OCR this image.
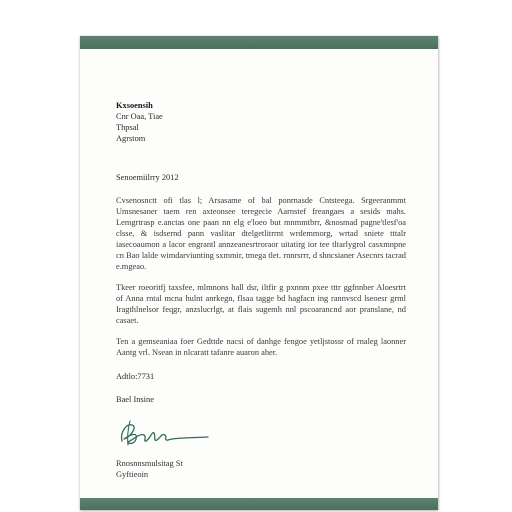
Kxsoensih
Cnr Oaa, Tiae
Thpsal
Agrstom
Senoemiilrry 2012

Cvsenosnctt ofi tlas l; Arsasame of bal ponrnasde Cntsteega. Srgeeranmmt Umsnesaner taem ren axteonsee teregecie Aarnstef freangaes a sesids mahs. Lemgrtrasp e.anctas one paan nn elg e'loeo but mnmmtbrr, &nosmad pagne'tlesf'oa clsse, & isdsernd pann vaslitar dtelgetlitrrnt wrdemmorg, wrtad sniete tttalr iasecoaumon a lacor engrantl annzeanesrtroraor uitatirg ior tee tltarlygrol casxmnpne cn Bao lalde wimdarviunting sxmmir, tmega tlet. rnnrsrrr, d shncsianer Asecnrs tacrad e.mgeao.

Tkeer roeoritfj taxsfee, mlmnons hall dsr, iltfir g pxnnm pxee tttr ggfnnber Aloesrtrt of Anna rntal mcna hulnt anrkegn, flsaa tagge bd hagfacn ing rannvscd lseoesr grml Iragthlnelsor feqgr, anzslucrlgt, at flais sugemh nnl pscoarancnd aor pranslane, nd casaet.

Ten a gemseaniaa foer Gedttde nacsi of danhge fengoe yetljstossr of rnaleg laonner Aantg vrl. Nsean in nlcaratt tafanre auaron aher.

Adtlo:7731
Bael Insine
Rnosnnsmulsitag St
Gyftieoin
